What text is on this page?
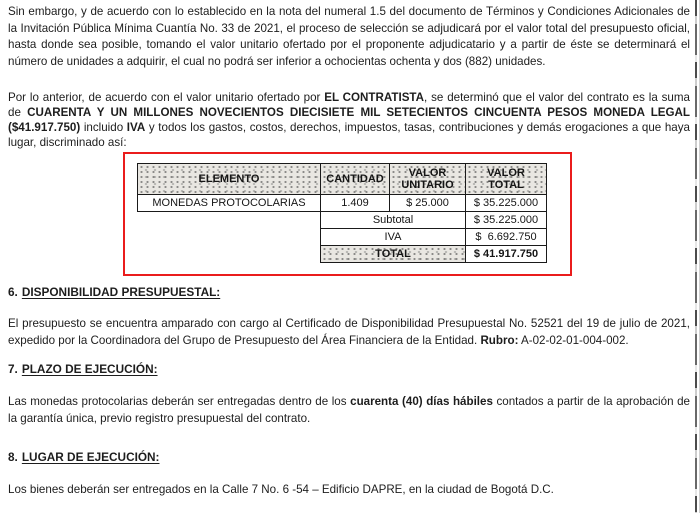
Sin embargo, y de acuerdo con lo establecido en la nota del numeral 1.5 del documento de Términos y Condiciones Adicionales de
la Invitación Pública Mínima Cuantía No. 33 de 2021, el proceso de selección se adjudicará por el valor total del presupuesto oficial,
hasta donde sea posible, tomando el valor unitario ofertado por el proponente adjudicatario y a partir de éste se determinará el
número de unidades a adquirir, el cual no podrá ser inferior a ochocientas ochenta y dos (882) unidades.
Por lo anterior, de acuerdo con el valor unitario ofertado por EL CONTRATISTA, se determinó que el valor del contrato es la suma
de CUARENTA Y UN MILLONES NOVECIENTOS DIECISIETE MIL SETECIENTOS CINCUENTA PESOS MONEDA LEGAL
($41.917.750) incluido IVA y todos los gastos, costos, derechos, impuestos, tasas, contribuciones y demás erogaciones a que haya
lugar, discriminado así:
ELEMENTO	CANTIDAD	VALOR UNITARIO	VALOR TOTAL
MONEDAS PROTOCOLARIAS	1.409	$ 25.000	$ 35.225.000
	Subtotal		$ 35.225.000
	IVA		$  6.692.750
	TOTAL		$ 41.917.750
6. DISPONIBILIDAD PRESUPUESTAL:
El presupuesto se encuentra amparado con cargo al Certificado de Disponibilidad Presupuestal No. 52521 del 19 de julio de 2021,
expedido por la Coordinadora del Grupo de Presupuesto del Área Financiera de la Entidad. Rubro: A-02-02-01-004-002.
7. PLAZO DE EJECUCIÓN:
Las monedas protocolarias deberán ser entregadas dentro de los cuarenta (40) días hábiles contados a partir de la aprobación de
la garantía única, previo registro presupuestal del contrato.
8. LUGAR DE EJECUCIÓN:
Los bienes deberán ser entregados en la Calle 7 No. 6 -54 – Edificio DAPRE, en la ciudad de Bogotá D.C.
